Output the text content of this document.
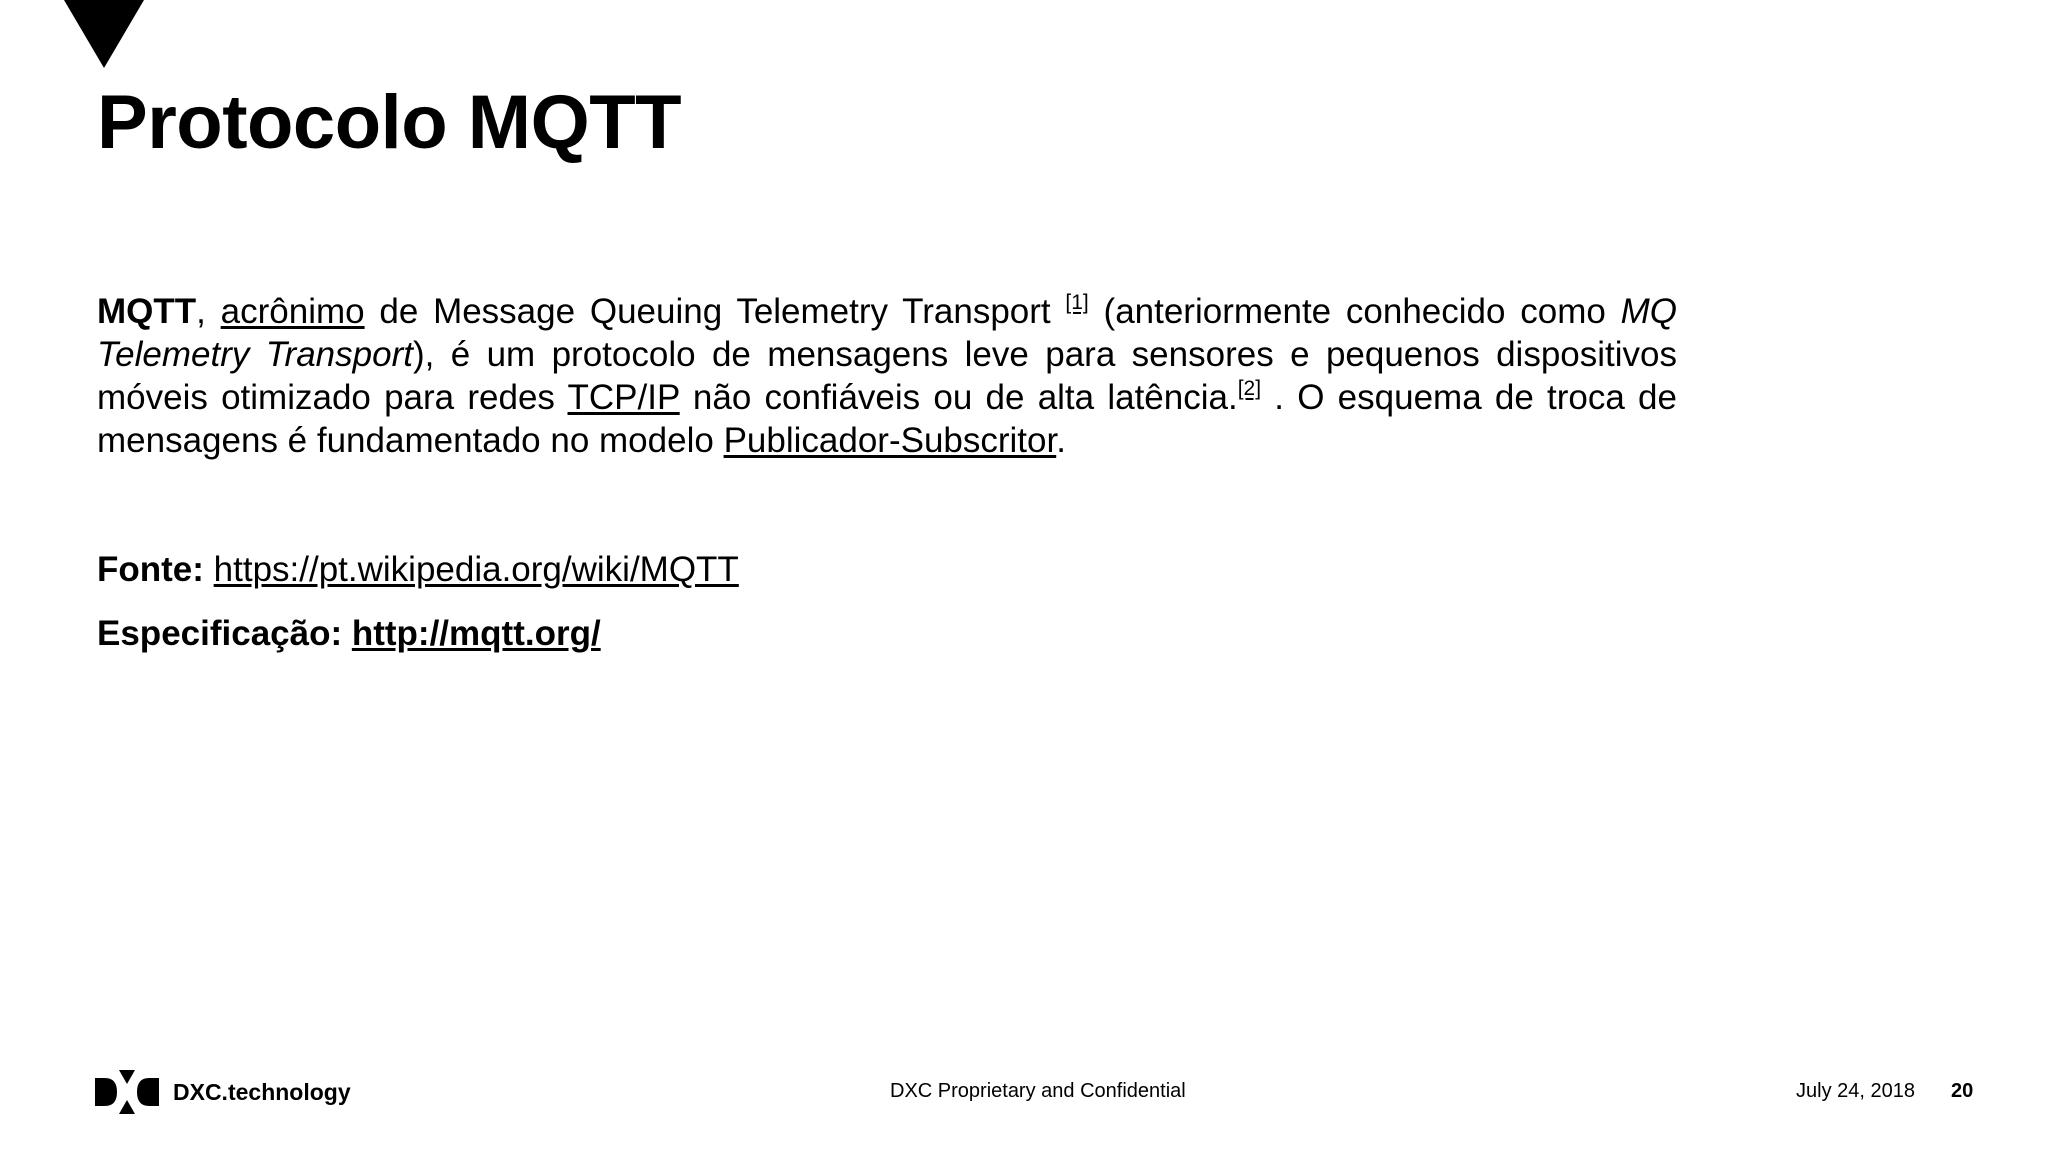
Protocolo MQTT

MQTT, acrônimo de Message Queuing Telemetry Transport [1] (anteriormente conhecido como MQ Telemetry Transport), é um protocolo de mensagens leve para sensores e pequenos dispositivos móveis otimizado para redes TCP/IP não confiáveis ou de alta latência.[2] . O esquema de troca de mensagens é fundamentado no modelo Publicador-Subscritor.

Fonte: https://pt.wikipedia.org/wiki/MQTT
Especificação: http://mqtt.org/
DXC.technology	DXC Proprietary and Confidential	July 24, 2018 20
